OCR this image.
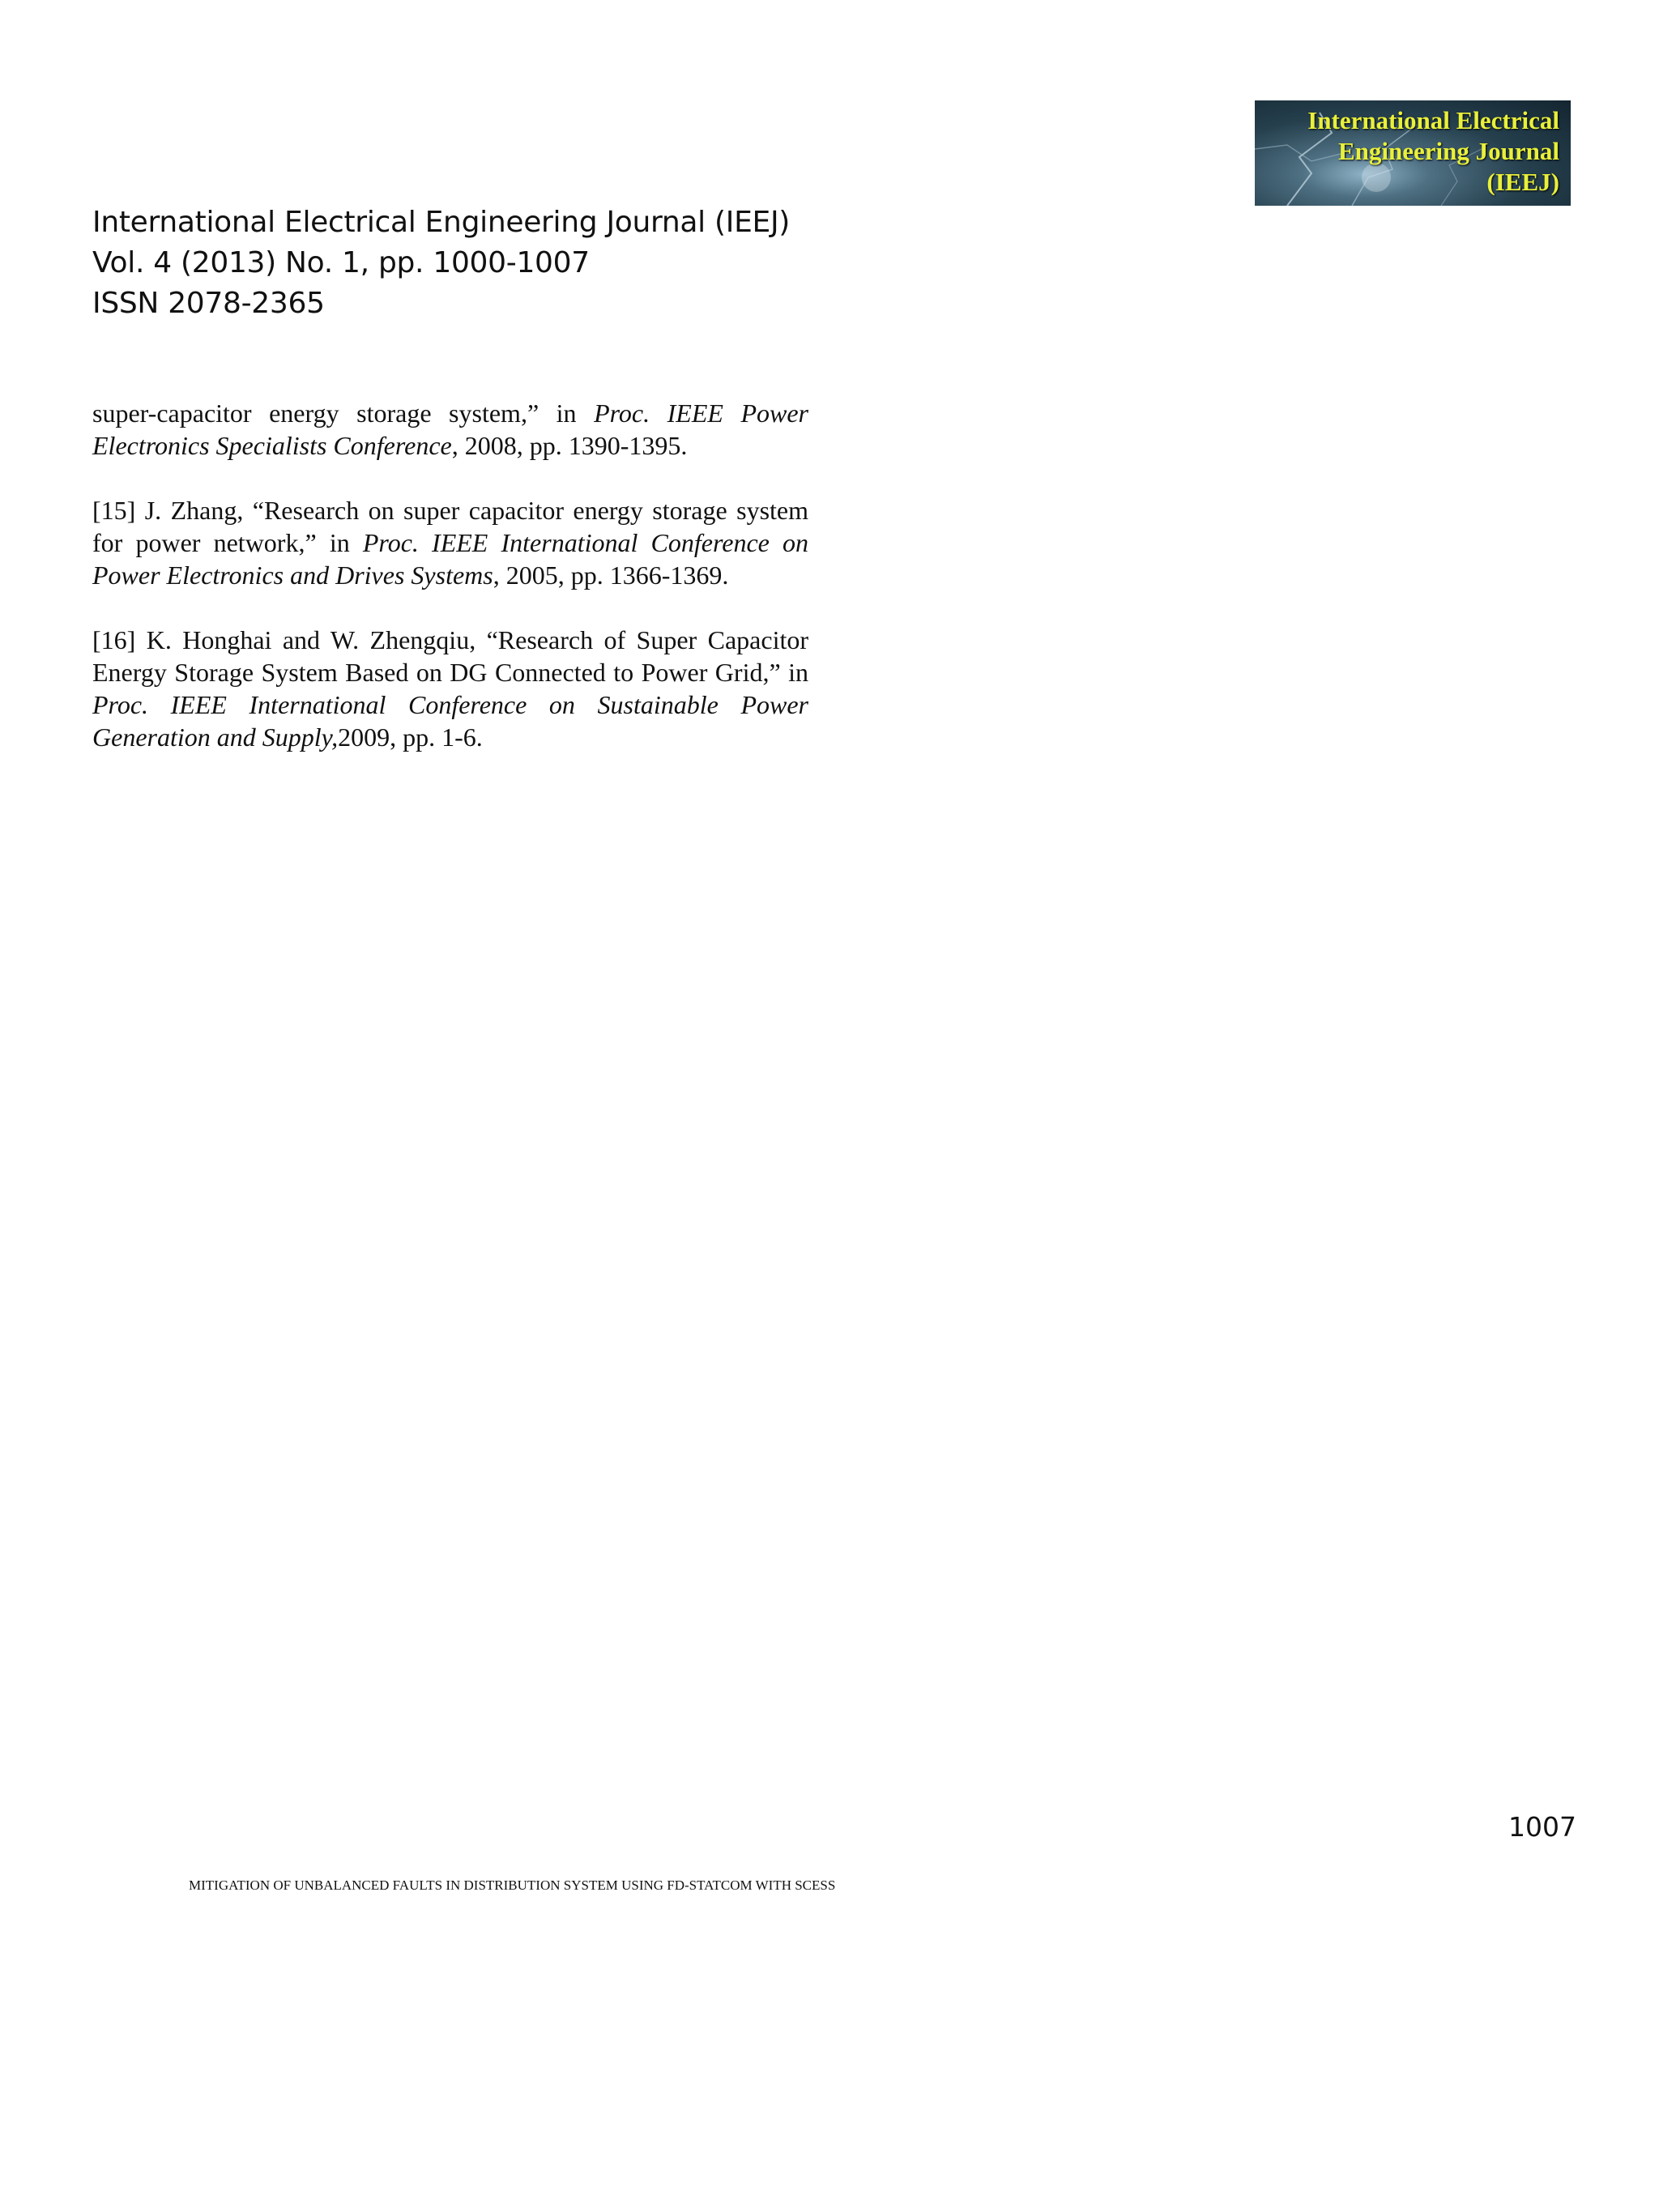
International Electrical Engineering Journal (IEEJ)
Vol. 4 (2013) No. 1, pp. 1000-1007
ISSN 2078-2365
International Electrical
Engineering Journal
(IEEJ)

super-capacitor energy storage system,” in Proc. IEEE Power Electronics Specialists Conference, 2008, pp. 1390-1395.

[15] J. Zhang, “Research on super capacitor energy storage system for power network,” in Proc. IEEE International Conference on Power Electronics and Drives Systems, 2005, pp. 1366-1369.

[16] K. Honghai and W. Zhengqiu, “Research of Super Capacitor Energy Storage System Based on DG Connected to Power Grid,” in Proc. IEEE International Conference on Sustainable Power Generation and Supply,2009, pp. 1-6.

1007
MITIGATION OF UNBALANCED FAULTS IN DISTRIBUTION SYSTEM USING FD-STATCOM WITH SCESS
